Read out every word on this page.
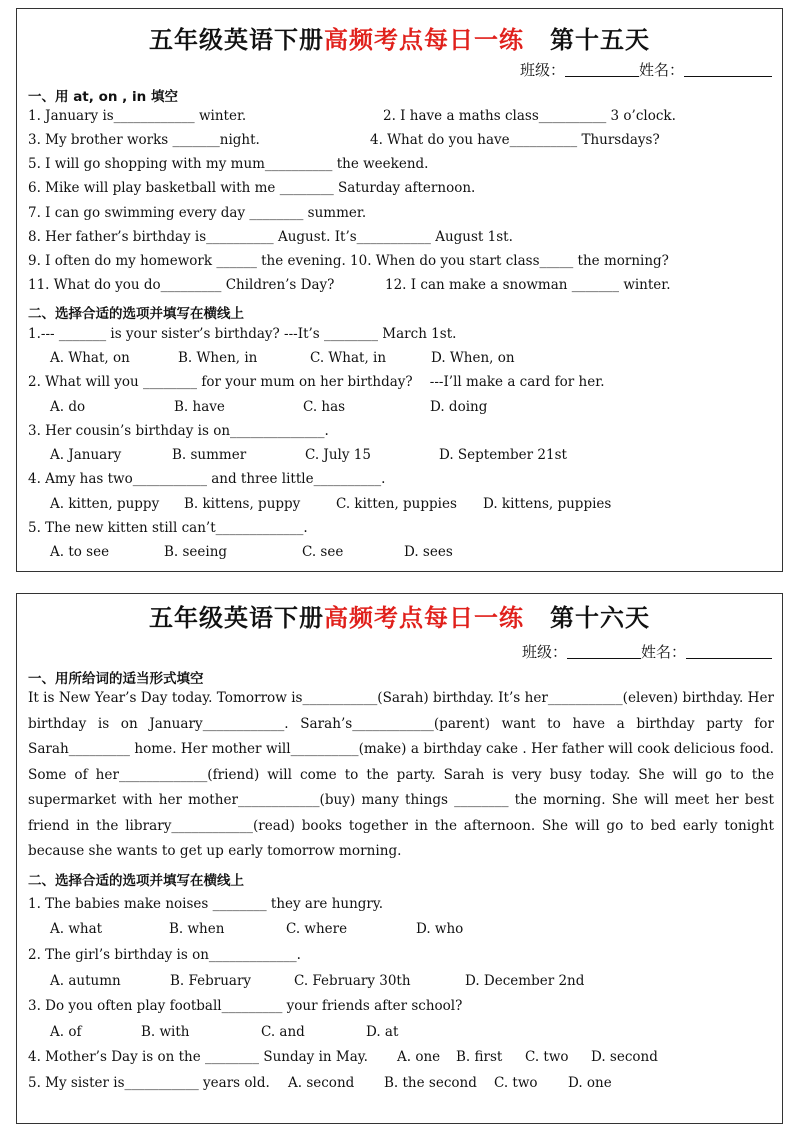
五年级英语下册高频考点每日一练 第十五天
班级：	姓名：
一、用 at, on , in 填空
1. January is____________ winter.	2. I have a maths class__________ 3 o’clock.
3. My brother works _______night.	4. What do you have__________ Thursdays?
5. I will go shopping with my mum__________ the weekend.
6. Mike will play basketball with me ________ Saturday afternoon.
7. I can go swimming every day ________ summer.
8. Her father’s birthday is__________ August. It’s___________ August 1st.
9. I often do my homework ______ the evening. 10. When do you start class_____ the morning?
11. What do you do_________ Children’s Day?	12. I can make a snowman _______ winter.
二、选择合适的选项并填写在横线上
1.--- _______ is your sister’s birthday? ---It’s ________ March 1st.
A. What, on	B. When, in	C. What, in	D. When, on
2. What will you ________ for your mum on her birthday?    ---I’ll make a card for her.
A. do	B. have	C. has	D. doing
3. Her cousin’s birthday is on______________.
A. January	B. summer	C. July 15	D. September 21st
4. Amy has two___________ and three little__________.
A. kitten, puppy B. kittens, puppy	C. kitten, puppies D. kittens, puppies
5. The new kitten still can’t_____________.
A. to see	B. seeing	C. see	D. sees
五年级英语下册高频考点每日一练 第十六天
班级：	姓名：
一、用所给词的适当形式填空
It is New Year’s Day today. Tomorrow is___________(Sarah) birthday. It’s her___________(eleven) birthday. Her birthday is on January____________. Sarah’s____________(parent) want to have a birthday party for Sarah_________ home. Her mother will__________(make) a birthday cake . Her father will cook delicious food. Some of her_____________(friend) will come to the party. Sarah is very busy today. She will go to the supermarket with her mother____________(buy) many things ________ the morning. She will meet her best friend in the library____________(read) books together in the afternoon. She will go to bed early tonight because she wants to get up early tomorrow morning.
二、选择合适的选项并填写在横线上
1. The babies make noises ________ they are hungry.
A. what	B. when	C. where	D. who
2. The girl’s birthday is on_____________.
A. autumn	B. February	C. February 30th	D. December 2nd
3. Do you often play football_________ your friends after school?
A. of	B. with	C. and	D. at
4. Mother’s Day is on the ________ Sunday in May. A. one B. first C. two D. second
5. My sister is___________ years old. A. second B. the second C. two D. one
